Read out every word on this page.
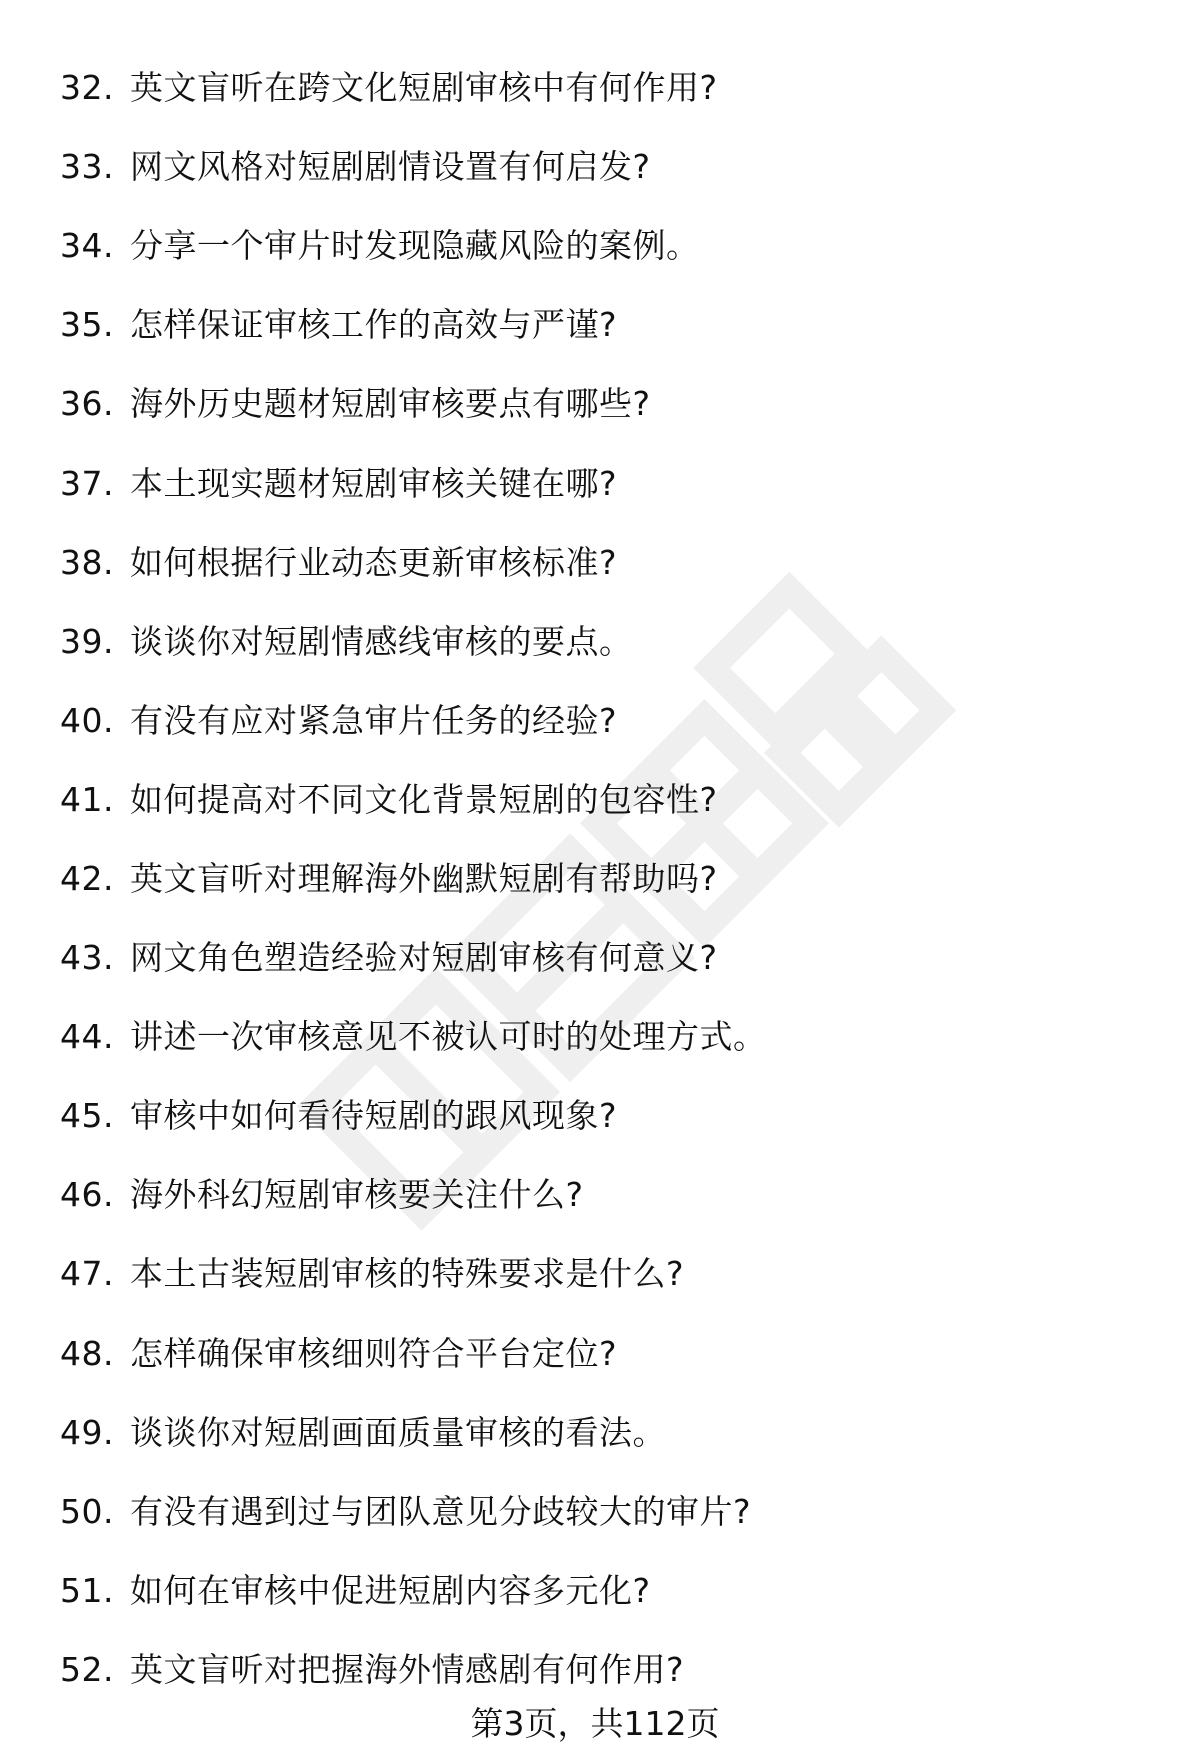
32. 英文盲听在跨文化短剧审核中有何作用?
33. 网文风格对短剧剧情设置有何启发?
34. 分享一个审片时发现隐藏风险的案例。
35. 怎样保证审核工作的高效与严谨?
36. 海外历史题材短剧审核要点有哪些?
37. 本土现实题材短剧审核关键在哪?
38. 如何根据行业动态更新审核标准?
39. 谈谈你对短剧情感线审核的要点。
40. 有没有应对紧急审片任务的经验?
41. 如何提高对不同文化背景短剧的包容性?
42. 英文盲听对理解海外幽默短剧有帮助吗?
43. 网文角色塑造经验对短剧审核有何意义?
44. 讲述一次审核意见不被认可时的处理方式。
45. 审核中如何看待短剧的跟风现象?
46. 海外科幻短剧审核要关注什么?
47. 本土古装短剧审核的特殊要求是什么?
48. 怎样确保审核细则符合平台定位?
49. 谈谈你对短剧画面质量审核的看法。
50. 有没有遇到过与团队意见分歧较大的审片?
51. 如何在审核中促进短剧内容多元化?
52. 英文盲听对把握海外情感剧有何作用?
第3页，共112页
